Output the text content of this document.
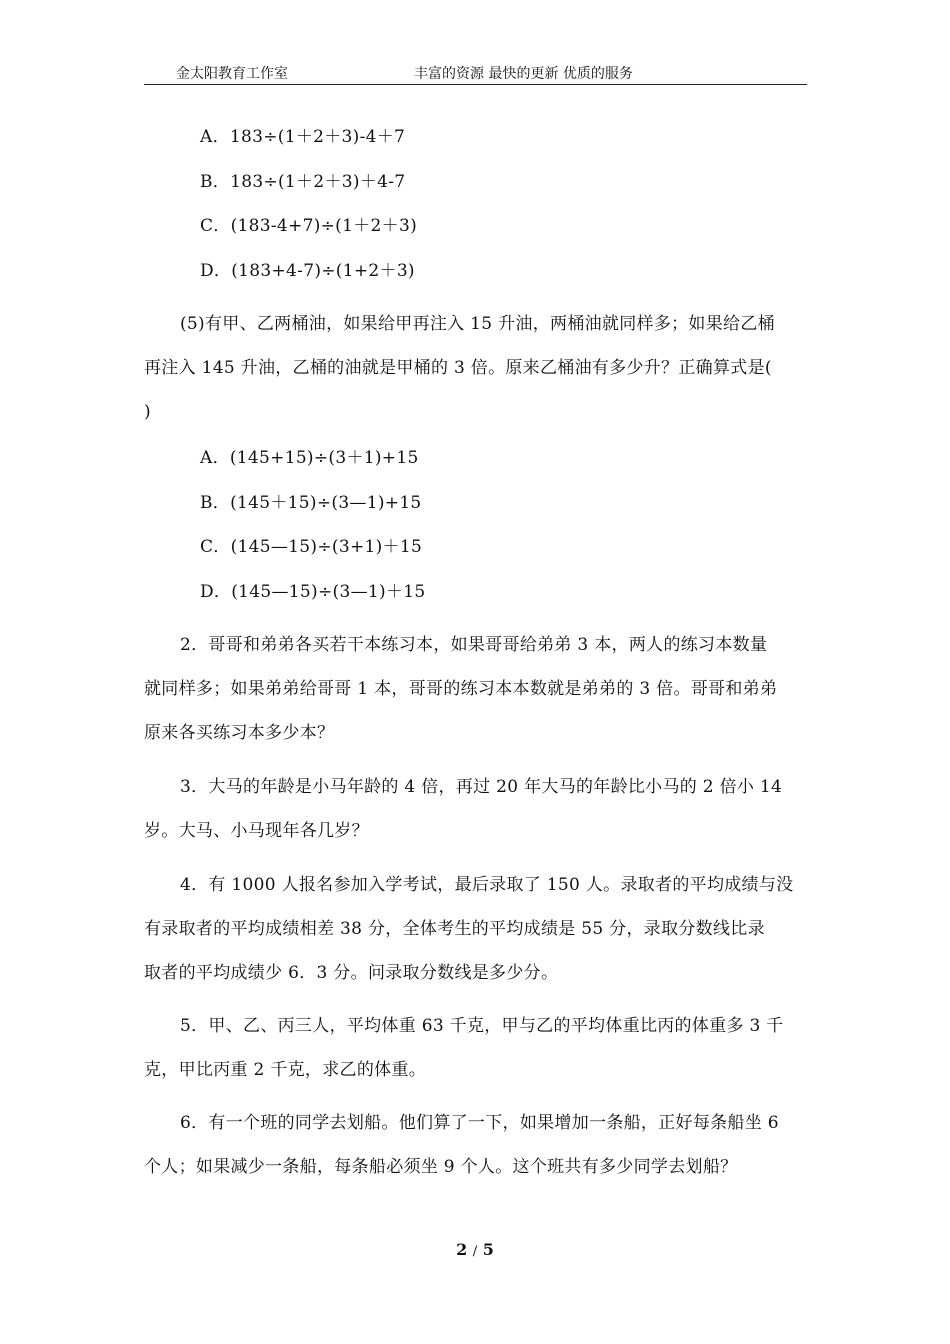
金太阳教育工作室	丰富的资源 最快的更新 优质的服务
A．183÷(1＋2＋3)-4＋7
B．183÷(1＋2＋3)＋4-7
C．(183-4+7)÷(1＋2＋3)
D．(183+4-7)÷(1+2＋3)
(5)有甲、乙两桶油，如果给甲再注入 15 升油，两桶油就同样多；如果给乙桶
再注入 145 升油，乙桶的油就是甲桶的 3 倍。原来乙桶油有多少升？正确算式是(
)
A．(145+15)÷(3＋1)+15
B．(145＋15)÷(3—1)+15
C．(145—15)÷(3+1)＋15
D．(145—15)÷(3—1)＋15
2．哥哥和弟弟各买若干本练习本，如果哥哥给弟弟 3 本，两人的练习本数量
就同样多；如果弟弟给哥哥 1 本，哥哥的练习本本数就是弟弟的 3 倍。哥哥和弟弟
原来各买练习本多少本？
3．大马的年龄是小马年龄的 4 倍，再过 20 年大马的年龄比小马的 2 倍小 14
岁。大马、小马现年各几岁？
4．有 1000 人报名参加入学考试，最后录取了 150 人。录取者的平均成绩与没
有录取者的平均成绩相差 38 分，全体考生的平均成绩是 55 分，录取分数线比录
取者的平均成绩少 6．3 分。问录取分数线是多少分。
5．甲、乙、丙三人，平均体重 63 千克，甲与乙的平均体重比丙的体重多 3 千
克，甲比丙重 2 千克，求乙的体重。
6．有一个班的同学去划船。他们算了一下，如果增加一条船，正好每条船坐 6
个人；如果减少一条船，每条船必须坐 9 个人。这个班共有多少同学去划船？
2 / 5
